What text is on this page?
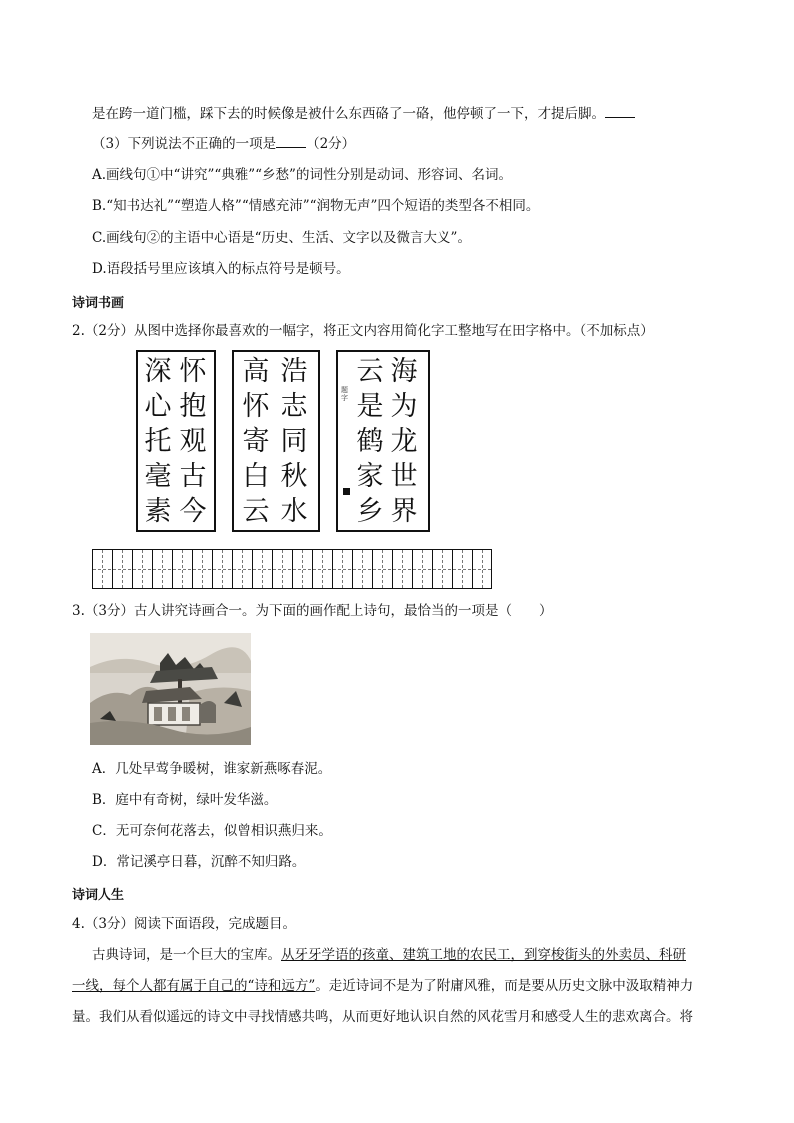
是在跨一道门槛，踩下去的时候像是被什么东西硌了一硌，他停顿了一下，才提后脚。
（3）下列说法不正确的一项是 （2分）
A.画线句①中“讲究”“典雅”“乡愁”的词性分别是动词、形容词、名词。
B.“知书达礼”“塑造人格”“情感充沛”“润物无声”四个短语的类型各不相同。
C.画线句②的主语中心语是“历史、生活、文字以及微言大义”。
D.语段括号里应该填入的标点符号是顿号。
诗词书画
2.（2分）从图中选择你最喜欢的一幅字，将正文内容用简化字工整地写在田字格中。（不加标点）
怀抱观古今
深心托毫素
浩志同秋水
高怀寄白云
海为龙世界
云是鹤家乡
题字
3.（3分）古人讲究诗画合一。为下面的画作配上诗句，最恰当的一项是（　　）
A．几处早莺争暖树，谁家新燕啄春泥。
B．庭中有奇树，绿叶发华滋。
C．无可奈何花落去，似曾相识燕归来。
D．常记溪亭日暮，沉醉不知归路。
诗词人生
4.（3分）阅读下面语段，完成题目。
古典诗词，是一个巨大的宝库。从牙牙学语的孩童、建筑工地的农民工，到穿梭街头的外卖员、科研
一线，每个人都有属于自己的“诗和远方”。走近诗词不是为了附庸风雅，而是要从历史文脉中汲取精神力
量。我们从看似遥远的诗文中寻找情感共鸣，从而更好地认识自然的风花雪月和感受人生的悲欢离合。将
